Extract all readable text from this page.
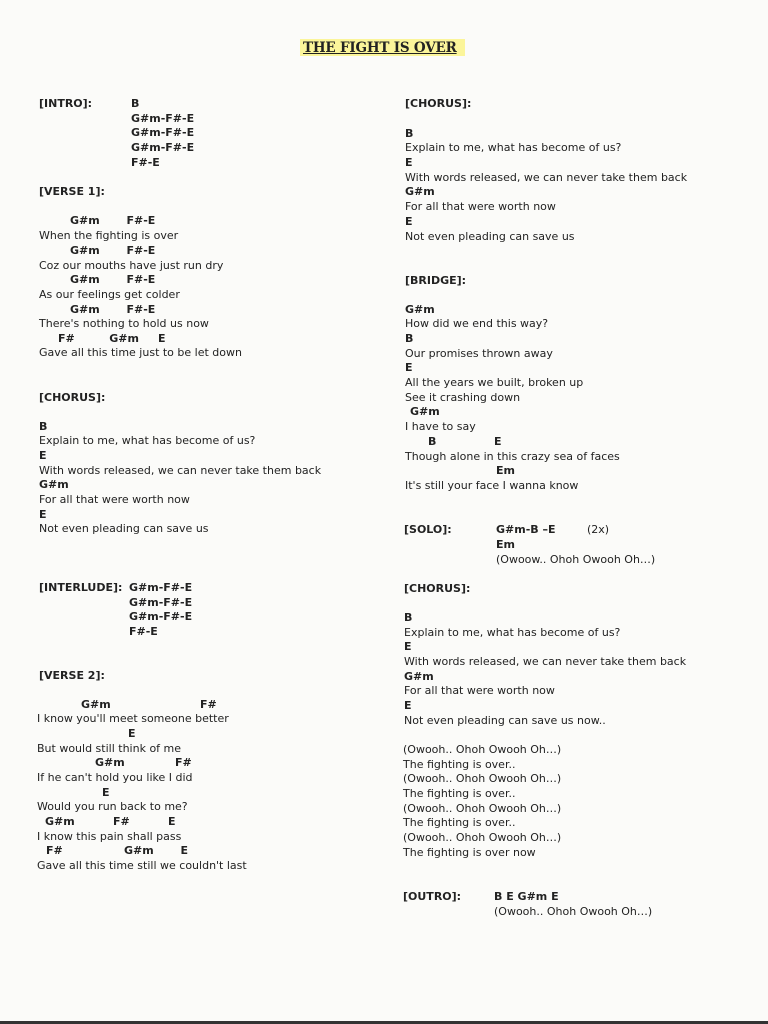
THE FIGHT IS OVER
[INTRO]:	B
G#m-F#-E
G#m-F#-E
G#m-F#-E
F#-E
[VERSE 1]:
G#m       F#-E
When the fighting is over
G#m       F#-E
Coz our mouths have just run dry
G#m       F#-E
As our feelings get colder
G#m       F#-E
There's nothing to hold us now
F#         G#m     E
Gave all this time just to be let down
[CHORUS]:
B
Explain to me, what has become of us?
E
With words released, we can never take them back
G#m
For all that were worth now
E
Not even pleading can save us
[INTERLUDE]: G#m-F#-E
G#m-F#-E
G#m-F#-E
F#-E
[VERSE 2]:
G#m	F#
I know you'll meet someone better
E
But would still think of me
G#m	F#
If he can't hold you like I did
E
Would you run back to me?
G#m          F#          E
I know this pain shall pass
F#                G#m       E
Gave all this time still we couldn't last
[CHORUS]:
B
Explain to me, what has become of us?
E
With words released, we can never take them back
G#m
For all that were worth now
E
Not even pleading can save us
[BRIDGE]:
G#m
How did we end this way?
B
Our promises thrown away
E
All the years we built, broken up
See it crashing down
G#m
I have to say
B	E
Though alone in this crazy sea of faces
Em
It's still your face I wanna know
[SOLO]:	G#m-B –E	(2x)
Em
(Owoow.. Ohoh Owooh Oh…)
[CHORUS]:
B
Explain to me, what has become of us?
E
With words released, we can never take them back
G#m
For all that were worth now
E
Not even pleading can save us now..
(Owooh.. Ohoh Owooh Oh…)
The fighting is over..
(Owooh.. Ohoh Owooh Oh…)
The fighting is over..
(Owooh.. Ohoh Owooh Oh…)
The fighting is over..
(Owooh.. Ohoh Owooh Oh…)
The fighting is over now
[OUTRO]:	B E G#m E
(Owooh.. Ohoh Owooh Oh…)
